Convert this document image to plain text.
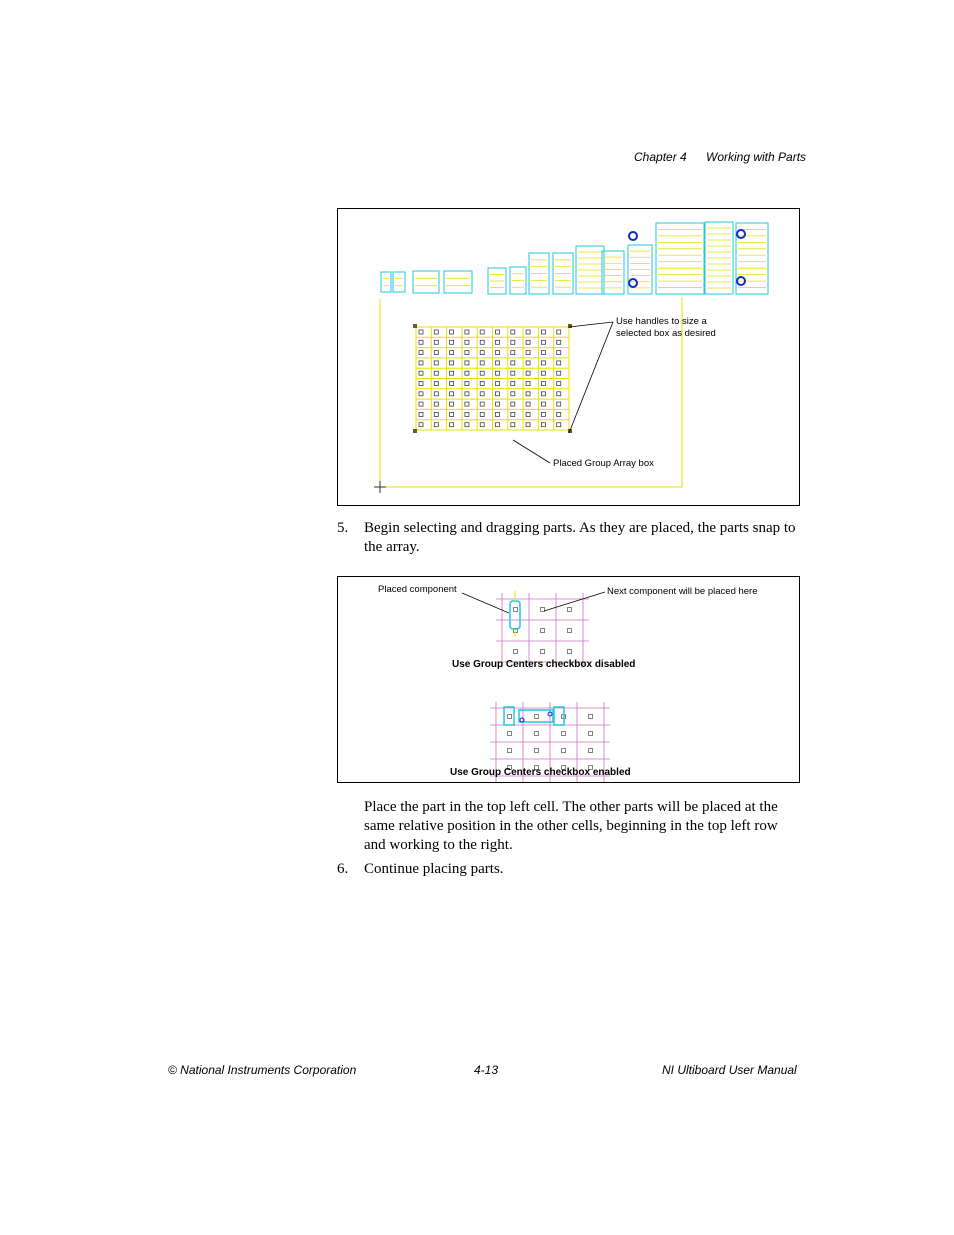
Chapter 4 Working with Parts
Use handles to size a
selected box as desired
Placed Group Array box
5. Begin selecting and dragging parts. As they are placed, the parts snap to the array.
Placed component	Next component will be placed here
Use Group Centers checkbox disabled
Use Group Centers checkbox enabled
Place the part in the top left cell. The other parts will be placed at the same relative position in the other cells, beginning in the top left row and working to the right.
6. Continue placing parts.
© National Instruments Corporation	4-13	NI Ultiboard User Manual
